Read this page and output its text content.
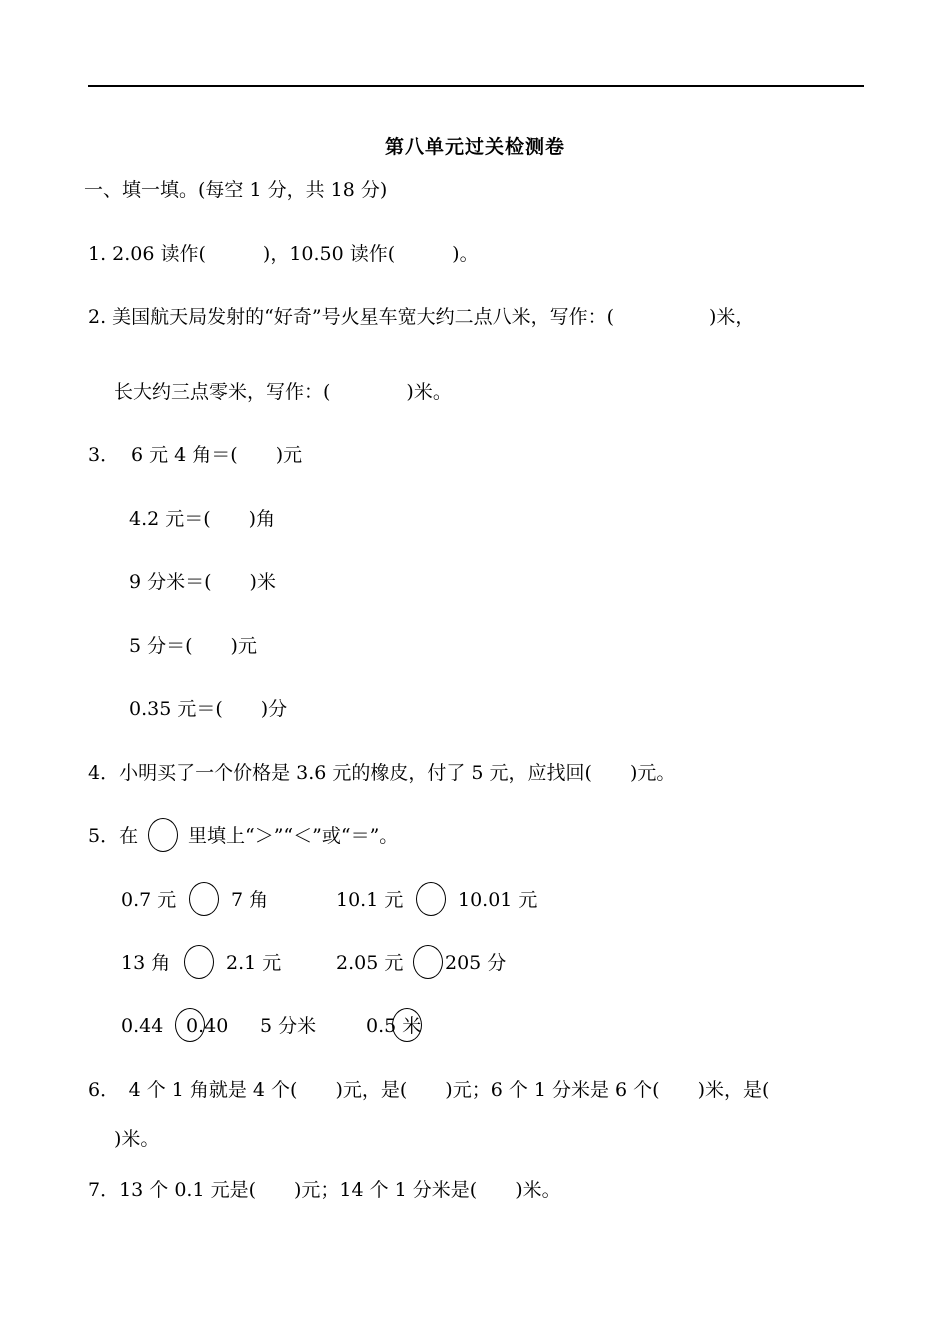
第八单元过关检测卷
一、填一填。(每空 1 分，共 18 分)
1. 2.06 读作(　　　)，10.50 读作(　　　)。
2. 美国航天局发射的“好奇”号火星车宽大约二点八米，写作：(　　　　　)米，
长大约三点零米，写作：(　　　　)米。
3． 6 元 4 角＝(　　)元
4.2 元＝(　　)角
9 分米＝(　　)米
5 分＝(　　)元
0.35 元＝(　　)分
4．小明买了一个价格是 3.6 元的橡皮，付了 5 元，应找回(　　)元。
5．在	里填上“＞”“＜”或“＝”。
0.7 元	7 角	10.1 元	10.01 元
13 角	2.1 元	2.05 元 205 分
0.44 0.40 5 分米	0.5 米
6．　4 个 1 角就是 4 个(　　)元，是(　　)元；6 个 1 分米是 6 个(　　)米，是(
)米。
7．13 个 0.1 元是(　　)元；14 个 1 分米是(　　)米。
